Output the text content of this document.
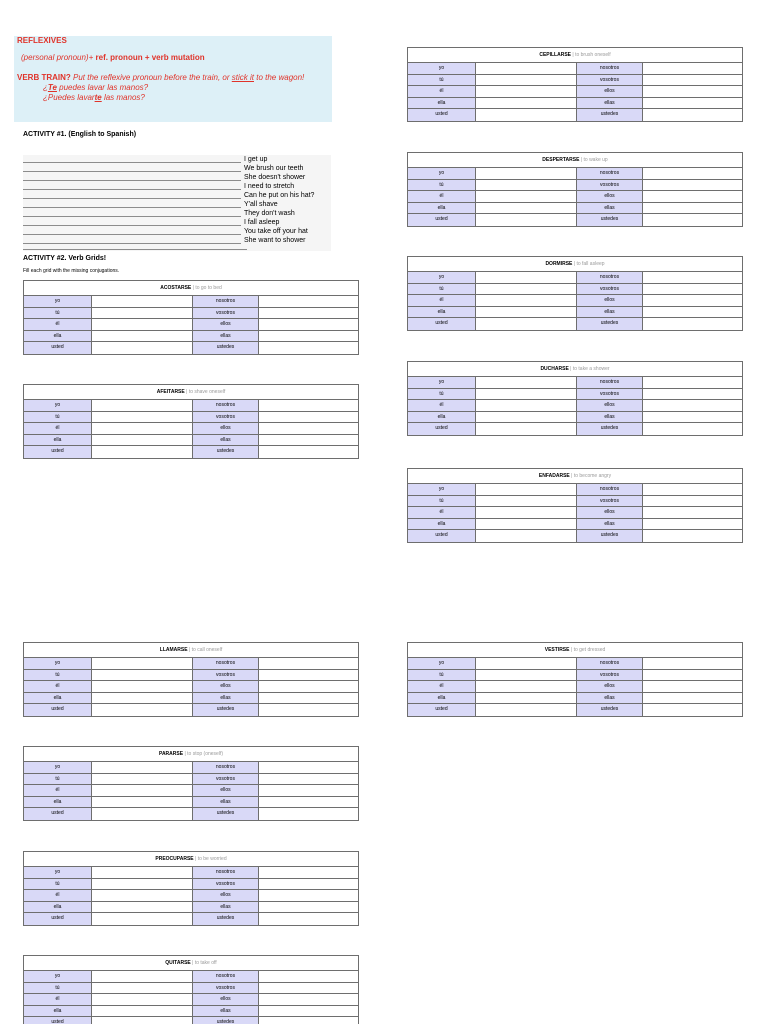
REFLEXIVES
(personal pronoun)+ ref. pronoun + verb mutation
VERB TRAIN? Put the reflexive pronoun before the train, or stick it to the wagon!
¿Te puedes lavar las manos?
¿Puedes lavarte las manos?
ACTIVITY #1. (English to Spanish)
I get up
We brush our teeth
She doesn't shower
I need to stretch
Can he put on his hat?
Y'all shave
They don't wash
I fall asleep
You take off your hat
She want to shower
ACTIVITY #2. Verb Grids!
Fill each grid with the missing conjugations.
ACOSTARSE | to go to bed
yo	nosotros
tú	vosotros
él	ellos
ella	ellas
usted	ustedes
AFEITARSE | to shave oneself
yo	nosotros
tú	vosotros
él	ellos
ella	ellas
usted	ustedes
CEPILLARSE | to brush oneself
yo	nosotros
tú	vosotros
él	ellos
ella	ellas
usted	ustedes
DESPERTARSE | to wake up
yo	nosotros
tú	vosotros
él	ellos
ella	ellas
usted	ustedes
DORMIRSE | to fall asleep
yo	nosotros
tú	vosotros
él	ellos
ella	ellas
usted	ustedes
DUCHARSE | to take a shower
yo	nosotros
tú	vosotros
él	ellos
ella	ellas
usted	ustedes
ENFADARSE | to become angry
yo	nosotros
tú	vosotros
él	ellos
ella	ellas
usted	ustedes
LLAMARSE | to call oneself
yo	nosotros
tú	vosotros
él	ellos
ella	ellas
usted	ustedes
VESTIRSE | to get dressed
yo	nosotros
tú	vosotros
él	ellos
ella	ellas
usted	ustedes
PARARSE | to stop (oneself)
yo	nosotros
tú	vosotros
él	ellos
ella	ellas
usted	ustedes
PREOCUPARSE | to be worried
yo	nosotros
tú	vosotros
él	ellos
ella	ellas
usted	ustedes
QUITARSE | to take off
yo	nosotros
tú	vosotros
él	ellos
ella	ellas
usted	ustedes
